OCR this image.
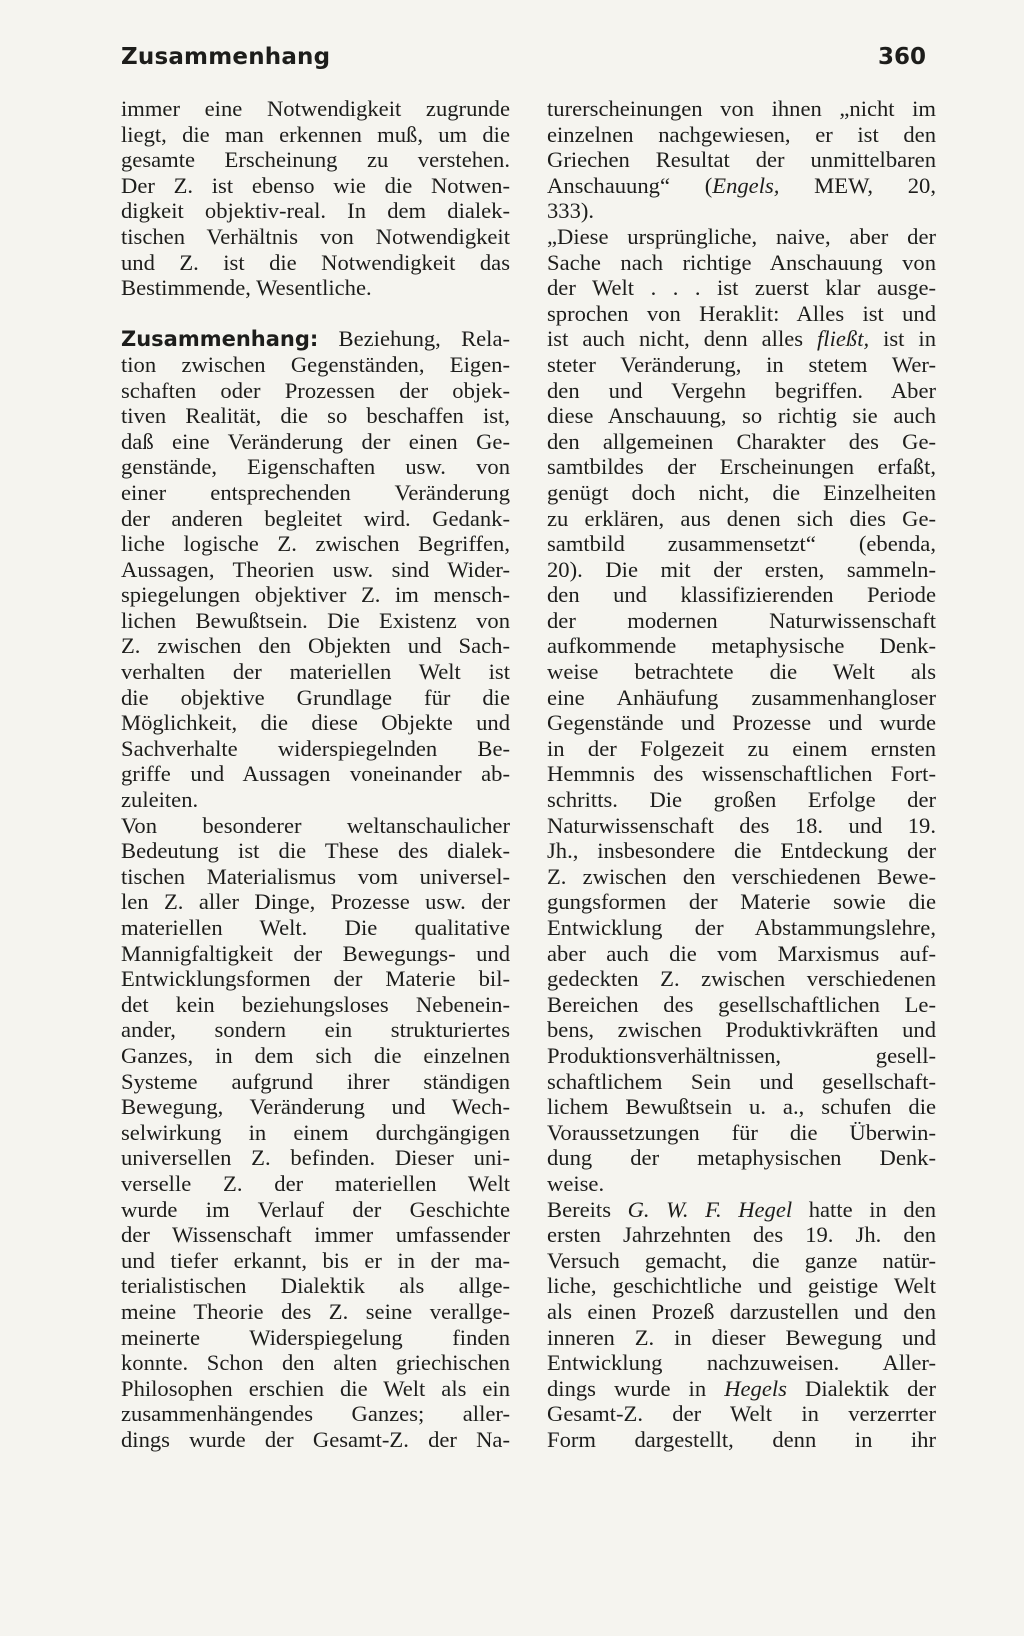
Zusammenhang	360
immer eine Notwendigkeit zugrunde
liegt, die man erkennen muß, um die
gesamte Erscheinung zu verstehen.
Der Z. ist ebenso wie die Notwen-
digkeit objektiv-real. In dem dialek-
tischen Verhältnis von Notwendigkeit
und Z. ist die Notwendigkeit das
Bestimmende, Wesentliche.
Zusammenhang: Beziehung, Rela-
tion zwischen Gegenständen, Eigen-
schaften oder Prozessen der objek-
tiven Realität, die so beschaffen ist,
daß eine Veränderung der einen Ge-
genstände, Eigenschaften usw. von
einer entsprechenden Veränderung
der anderen begleitet wird. Gedank-
liche logische Z. zwischen Begriffen,
Aussagen, Theorien usw. sind Wider-
spiegelungen objektiver Z. im mensch-
lichen Bewußtsein. Die Existenz von
Z. zwischen den Objekten und Sach-
verhalten der materiellen Welt ist
die objektive Grundlage für die
Möglichkeit, die diese Objekte und
Sachverhalte widerspiegelnden Be-
griffe und Aussagen voneinander ab-
zuleiten.
Von besonderer weltanschaulicher
Bedeutung ist die These des dialek-
tischen Materialismus vom universel-
len Z. aller Dinge, Prozesse usw. der
materiellen Welt. Die qualitative
Mannigfaltigkeit der Bewegungs- und
Entwicklungsformen der Materie bil-
det kein beziehungsloses Nebenein-
ander, sondern ein strukturiertes
Ganzes, in dem sich die einzelnen
Systeme aufgrund ihrer ständigen
Bewegung, Veränderung und Wech-
selwirkung in einem durchgängigen
universellen Z. befinden. Dieser uni-
verselle Z. der materiellen Welt
wurde im Verlauf der Geschichte
der Wissenschaft immer umfassender
und tiefer erkannt, bis er in der ma-
terialistischen Dialektik als allge-
meine Theorie des Z. seine verallge-
meinerte Widerspiegelung finden
konnte. Schon den alten griechischen
Philosophen erschien die Welt als ein
zusammenhängendes Ganzes; aller-
dings wurde der Gesamt-Z. der Na-
turerscheinungen von ihnen „nicht im
einzelnen nachgewiesen, er ist den
Griechen Resultat der unmittelbaren
Anschauung“ (Engels, MEW, 20,
333).
„Diese ursprüngliche, naive, aber der
Sache nach richtige Anschauung von
der Welt . . . ist zuerst klar ausge-
sprochen von Heraklit: Alles ist und
ist auch nicht, denn alles fließt, ist in
steter Veränderung, in stetem Wer-
den und Vergehn begriffen. Aber
diese Anschauung, so richtig sie auch
den allgemeinen Charakter des Ge-
samtbildes der Erscheinungen erfaßt,
genügt doch nicht, die Einzelheiten
zu erklären, aus denen sich dies Ge-
samtbild zusammensetzt“ (ebenda,
20). Die mit der ersten, sammeln-
den und klassifizierenden Periode
der modernen Naturwissenschaft
aufkommende metaphysische Denk-
weise betrachtete die Welt als
eine Anhäufung zusammenhangloser
Gegenstände und Prozesse und wurde
in der Folgezeit zu einem ernsten
Hemmnis des wissenschaftlichen Fort-
schritts. Die großen Erfolge der
Naturwissenschaft des 18. und 19.
Jh., insbesondere die Entdeckung der
Z. zwischen den verschiedenen Bewe-
gungsformen der Materie sowie die
Entwicklung der Abstammungslehre,
aber auch die vom Marxismus auf-
gedeckten Z. zwischen verschiedenen
Bereichen des gesellschaftlichen Le-
bens, zwischen Produktivkräften und
Produktionsverhältnissen, gesell-
schaftlichem Sein und gesellschaft-
lichem Bewußtsein u. a., schufen die
Voraussetzungen für die Überwin-
dung der metaphysischen Denk-
weise.
Bereits G. W. F. Hegel hatte in den
ersten Jahrzehnten des 19. Jh. den
Versuch gemacht, die ganze natür-
liche, geschichtliche und geistige Welt
als einen Prozeß darzustellen und den
inneren Z. in dieser Bewegung und
Entwicklung nachzuweisen. Aller-
dings wurde in Hegels Dialektik der
Gesamt-Z. der Welt in verzerrter
Form dargestellt, denn in ihr
